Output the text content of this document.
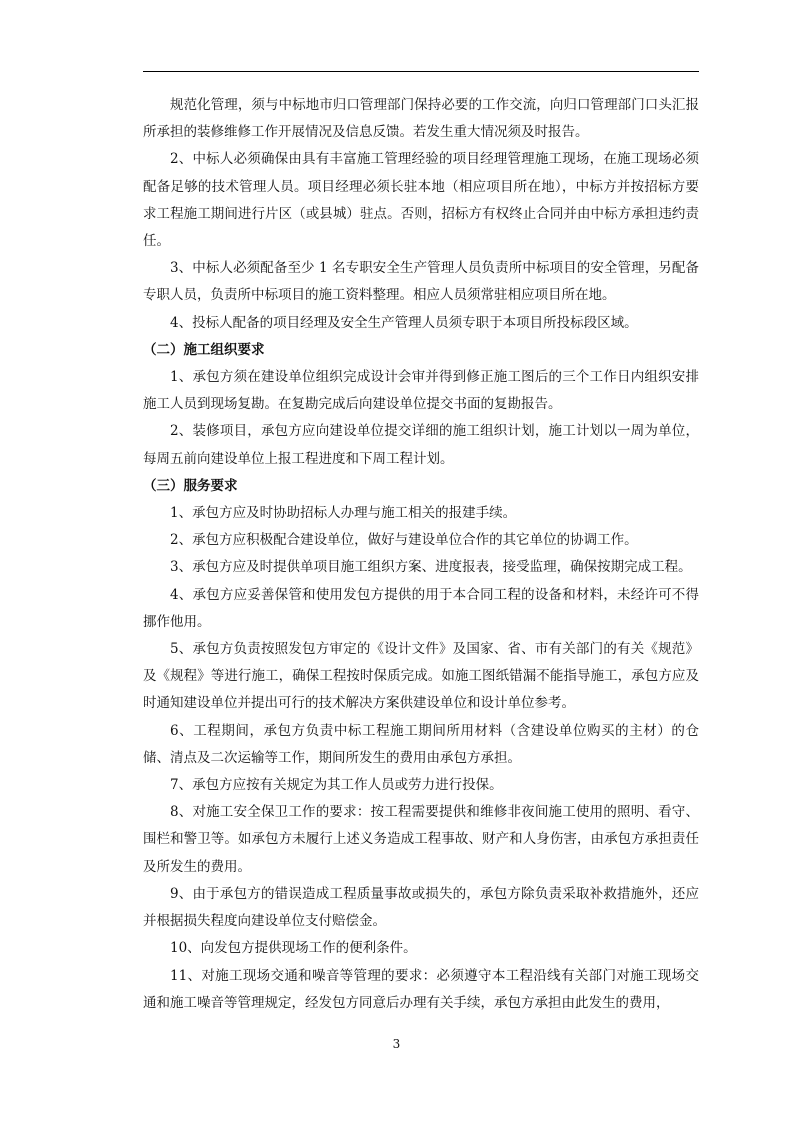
规范化管理，须与中标地市归口管理部门保持必要的工作交流，向归口管理部门口头汇报所承担的装修维修工作开展情况及信息反馈。若发生重大情况须及时报告。

2、中标人必须确保由具有丰富施工管理经验的项目经理管理施工现场，在施工现场必须配备足够的技术管理人员。项目经理必须长驻本地（相应项目所在地），中标方并按招标方要求工程施工期间进行片区（或县城）驻点。否则，招标方有权终止合同并由中标方承担违约责任。

3、中标人必须配备至少 1 名专职安全生产管理人员负责所中标项目的安全管理，另配备专职人员，负责所中标项目的施工资料整理。相应人员须常驻相应项目所在地。

4、投标人配备的项目经理及安全生产管理人员须专职于本项目所投标段区域。

（二）施工组织要求

1、承包方须在建设单位组织完成设计会审并得到修正施工图后的三个工作日内组织安排施工人员到现场复勘。在复勘完成后向建设单位提交书面的复勘报告。

2、装修项目，承包方应向建设单位提交详细的施工组织计划，施工计划以一周为单位，每周五前向建设单位上报工程进度和下周工程计划。

（三）服务要求

1、承包方应及时协助招标人办理与施工相关的报建手续。

2、承包方应积极配合建设单位，做好与建设单位合作的其它单位的协调工作。

3、承包方应及时提供单项目施工组织方案、进度报表，接受监理，确保按期完成工程。

4、承包方应妥善保管和使用发包方提供的用于本合同工程的设备和材料，未经许可不得挪作他用。

5、承包方负责按照发包方审定的《设计文件》及国家、省、市有关部门的有关《规范》及《规程》等进行施工，确保工程按时保质完成。如施工图纸错漏不能指导施工，承包方应及时通知建设单位并提出可行的技术解决方案供建设单位和设计单位参考。

6、工程期间，承包方负责中标工程施工期间所用材料（含建设单位购买的主材）的仓储、清点及二次运输等工作，期间所发生的费用由承包方承担。

7、承包方应按有关规定为其工作人员或劳力进行投保。

8、对施工安全保卫工作的要求：按工程需要提供和维修非夜间施工使用的照明、看守、围栏和警卫等。如承包方未履行上述义务造成工程事故、财产和人身伤害，由承包方承担责任及所发生的费用。

9、由于承包方的错误造成工程质量事故或损失的，承包方除负责采取补救措施外，还应并根据损失程度向建设单位支付赔偿金。

10、向发包方提供现场工作的便利条件。

11、对施工现场交通和噪音等管理的要求：必须遵守本工程沿线有关部门对施工现场交通和施工噪音等管理规定，经发包方同意后办理有关手续，承包方承担由此发生的费用，

3
